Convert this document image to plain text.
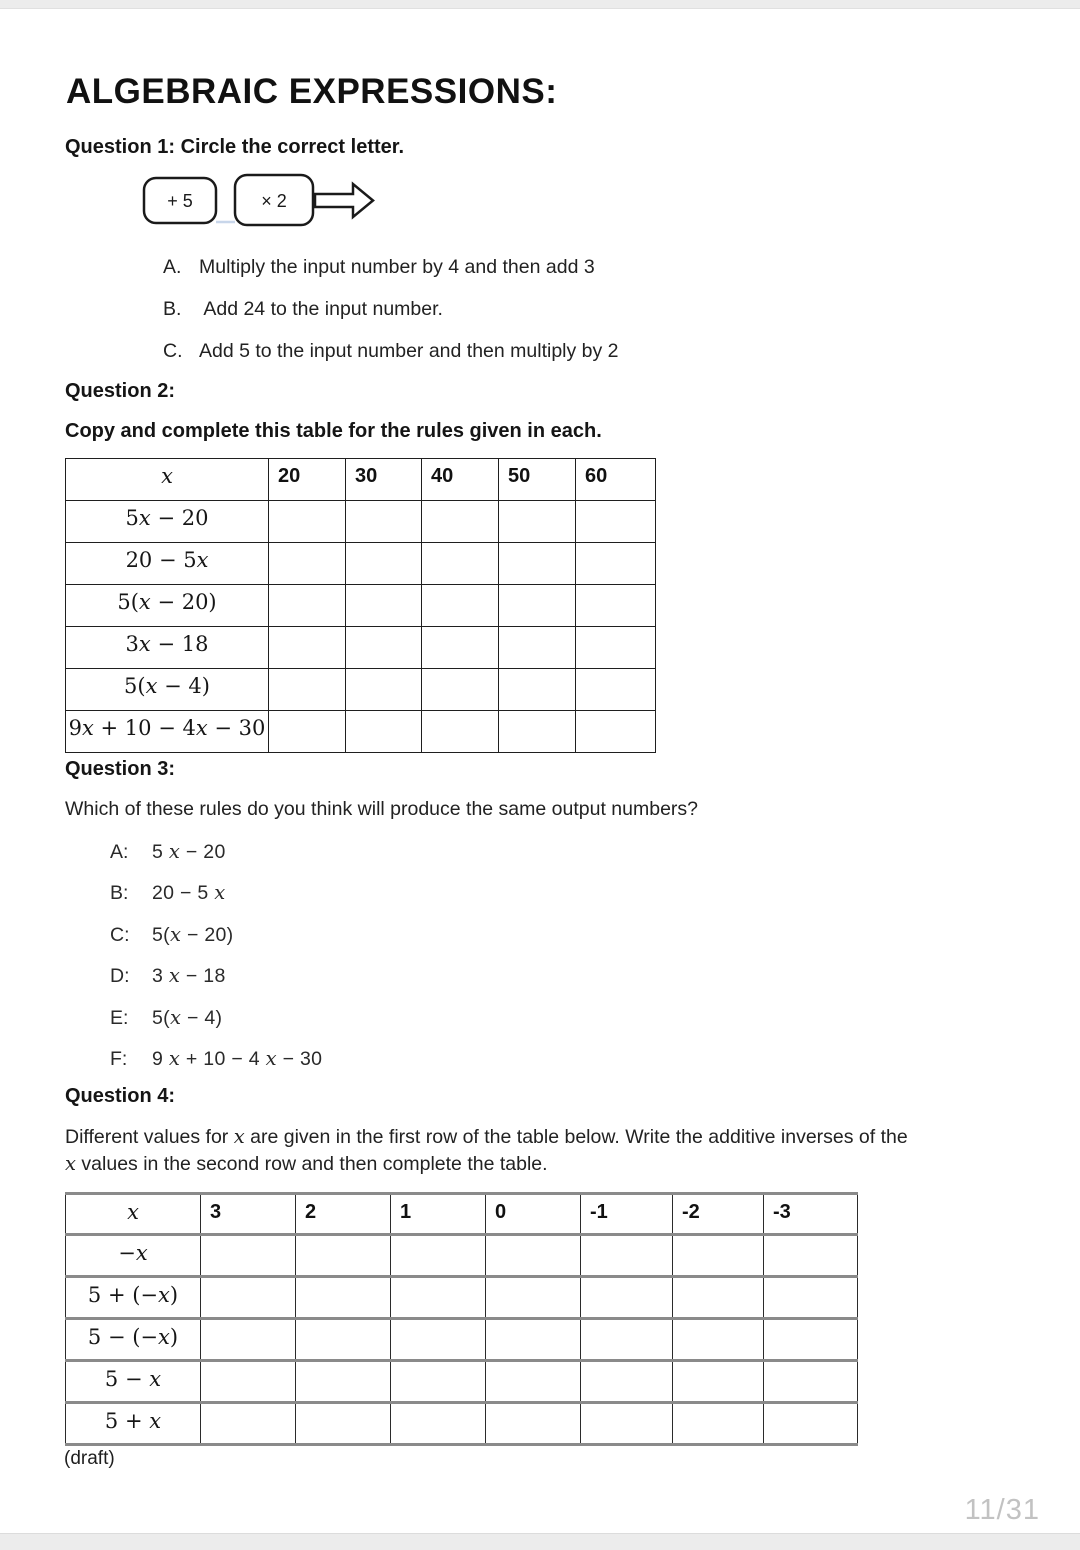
ALGEBRAIC EXPRESSIONS:
Question 1: Circle the correct letter.
+ 5	× 2
A. Multiply the input number by 4 and then add 3
B. Add 24 to the input number.
C. Add 5 to the input number and then multiply by 2
Question 2:
Copy and complete this table for the rules given in each.
x	20	30	40	50	60
5x − 20					
20 − 5x					
5(x − 20)					
3x − 18					
5(x − 4)					
9x + 10 − 4x − 30					
Question 3:
Which of these rules do you think will produce the same output numbers?
A: 5 x − 20
B: 20 − 5 x
C: 5(x − 20)
D: 3 x − 18
E: 5(x − 4)
F: 9 x + 10 − 4 x − 30
Question 4:
Different values for x are given in the first row of the table below. Write the additive inverses of the
x values in the second row and then complete the table.
x	3	2	1	0	-1	-2	-3
−x							
5 + (−x)							
5 − (−x)							
5 − x							
5 + x							
(draft)
11/31
